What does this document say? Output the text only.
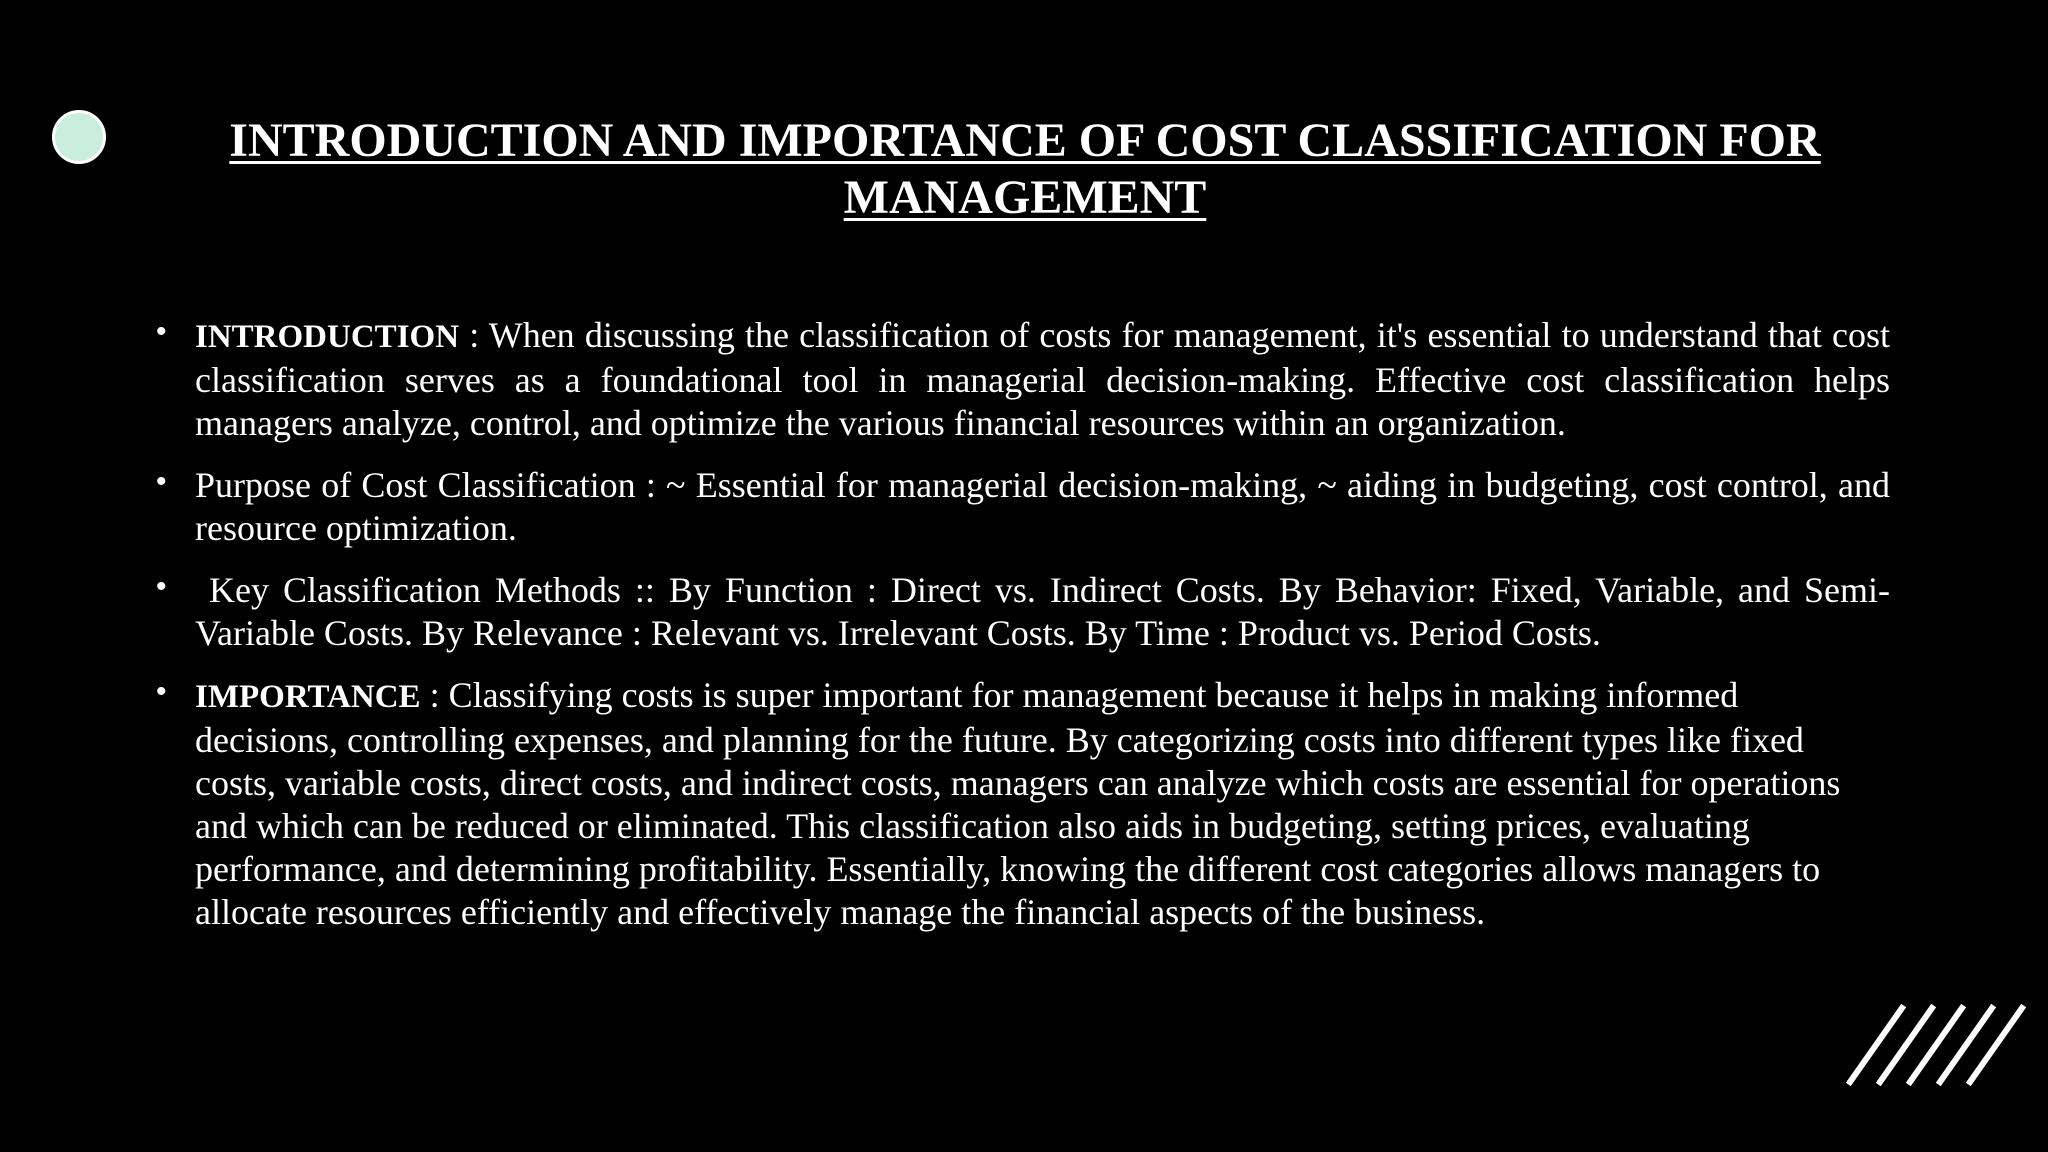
INTRODUCTION AND IMPORTANCE OF COST CLASSIFICATION FOR
MANAGEMENT
• INTRODUCTION : When discussing the classification of costs for management, it's essential to understand that cost classification serves as a foundational tool in managerial decision-making. Effective cost classification helps managers analyze, control, and optimize the various financial resources within an organization.
• Purpose of Cost Classification : ~ Essential for managerial decision-making, ~ aiding in budgeting, cost control, and resource optimization.
• Key Classification Methods :: By Function : Direct vs. Indirect Costs. By Behavior: Fixed, Variable, and Semi-Variable Costs. By Relevance : Relevant vs. Irrelevant Costs. By Time : Product vs. Period Costs.
• IMPORTANCE : Classifying costs is super important for management because it helps in making informed decisions, controlling expenses, and planning for the future. By categorizing costs into different types like fixed costs, variable costs, direct costs, and indirect costs, managers can analyze which costs are essential for operations and which can be reduced or eliminated. This classification also aids in budgeting, setting prices, evaluating performance, and determining profitability. Essentially, knowing the different cost categories allows managers to allocate resources efficiently and effectively manage the financial aspects of the business.
